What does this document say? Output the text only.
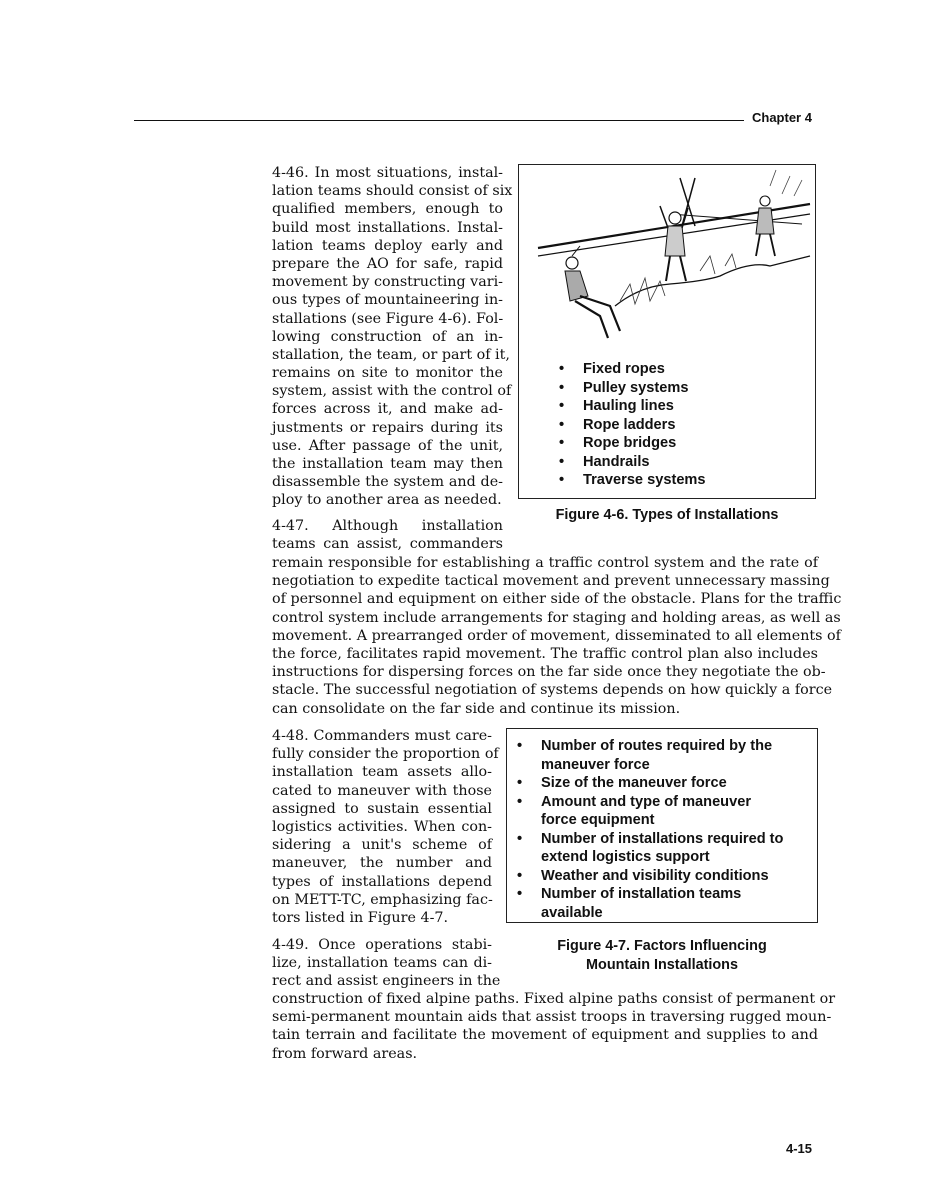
Chapter 4
4-46. In most situations, instal-
lation teams should consist of six
qualified members, enough to
build most installations. Instal-
lation teams deploy early and
prepare the AO for safe, rapid
movement by constructing vari-
ous types of mountaineering in-
stallations (see Figure 4-6). Fol-
lowing construction of an in-
stallation, the team, or part of it,
remains on site to monitor the
system, assist with the control of
forces across it, and make ad-
justments or repairs during its
use. After passage of the unit,
the installation team may then
disassemble the system and de-
ploy to another area as needed.
• Fixed ropes
• Pulley systems
• Hauling lines
• Rope ladders
• Rope bridges
• Handrails
• Traverse systems
Figure 4-6. Types of Installations
4-47. Although installation
teams can assist, commanders
remain responsible for establishing a traffic control system and the rate of
negotiation to expedite tactical movement and prevent unnecessary massing
of personnel and equipment on either side of the obstacle. Plans for the traffic
control system include arrangements for staging and holding areas, as well as
movement. A prearranged order of movement, disseminated to all elements of
the force, facilitates rapid movement. The traffic control plan also includes
instructions for dispersing forces on the far side once they negotiate the ob-
stacle. The successful negotiation of systems depends on how quickly a force
can consolidate on the far side and continue its mission.
4-48. Commanders must care-
fully consider the proportion of
installation team assets allo-
cated to maneuver with those
assigned to sustain essential
logistics activities. When con-
sidering a unit's scheme of
maneuver, the number and
types of installations depend
on METT-TC, emphasizing fac-
tors listed in Figure 4-7.
• Number of routes required by the
maneuver force
• Size of the maneuver force
• Amount and type of maneuver
force equipment
• Number of installations required to
extend logistics support
• Weather and visibility conditions
• Number of installation teams
available
Figure 4-7. Factors Influencing
Mountain Installations
4-49. Once operations stabi-
lize, installation teams can di-
rect and assist engineers in the
construction of fixed alpine paths. Fixed alpine paths consist of permanent or
semi-permanent mountain aids that assist troops in traversing rugged moun-
tain terrain and facilitate the movement of equipment and supplies to and
from forward areas.
4-15
